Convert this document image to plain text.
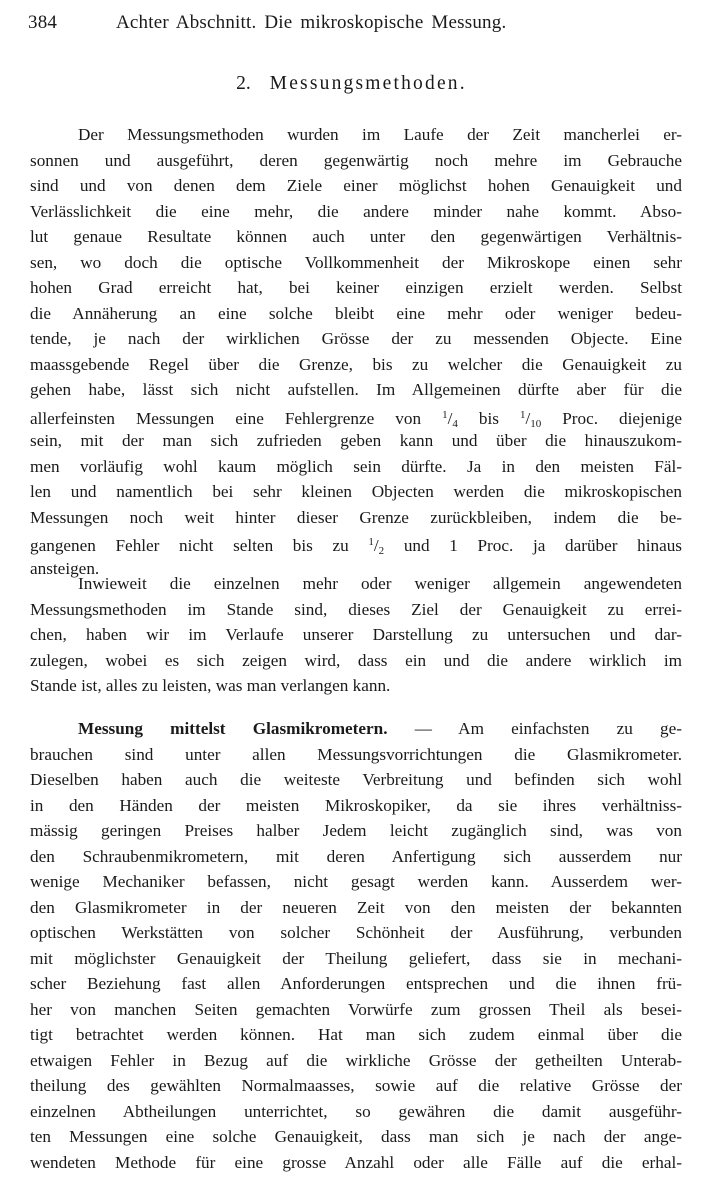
384	Achter Abschnitt. Die mikroskopische Messung.
2. Messungsmethoden.
Der Messungsmethoden wurden im Laufe der Zeit mancherlei er-
sonnen und ausgeführt, deren gegenwärtig noch mehre im Gebrauche
sind und von denen dem Ziele einer möglichst hohen Genauigkeit und
Verlässlichkeit die eine mehr, die andere minder nahe kommt. Abso-
lut genaue Resultate können auch unter den gegenwärtigen Verhältnis-
sen, wo doch die optische Vollkommenheit der Mikroskope einen sehr
hohen Grad erreicht hat, bei keiner einzigen erzielt werden. Selbst
die Annäherung an eine solche bleibt eine mehr oder weniger bedeu-
tende, je nach der wirklichen Grösse der zu messenden Objecte. Eine
maassgebende Regel über die Grenze, bis zu welcher die Genauigkeit zu
gehen habe, lässt sich nicht aufstellen. Im Allgemeinen dürfte aber für die
allerfeinsten Messungen eine Fehlergrenze von $^1/_4$ bis $^1/_{10}$ Proc. diejenige
sein, mit der man sich zufrieden geben kann und über die hinauszukom-
men vorläufig wohl kaum möglich sein dürfte. Ja in den meisten Fäl-
len und namentlich bei sehr kleinen Objecten werden die mikroskopischen
Messungen noch weit hinter dieser Grenze zurückbleiben, indem die be-
gangenen Fehler nicht selten bis zu $^1/_2$ und 1 Proc. ja darüber hinaus
ansteigen.
Inwieweit die einzelnen mehr oder weniger allgemein angewendeten
Messungsmethoden im Stande sind, dieses Ziel der Genauigkeit zu errei-
chen, haben wir im Verlaufe unserer Darstellung zu untersuchen und dar-
zulegen, wobei es sich zeigen wird, dass ein und die andere wirklich im
Stande ist, alles zu leisten, was man verlangen kann.
Messung mittelst Glasmikrometern. — Am einfachsten zu ge-
brauchen sind unter allen Messungsvorrichtungen die Glasmikrometer.
Dieselben haben auch die weiteste Verbreitung und befinden sich wohl
in den Händen der meisten Mikroskopiker, da sie ihres verhältniss-
mässig geringen Preises halber Jedem leicht zugänglich sind, was von
den Schraubenmikrometern, mit deren Anfertigung sich ausserdem nur
wenige Mechaniker befassen, nicht gesagt werden kann. Ausserdem wer-
den Glasmikrometer in der neueren Zeit von den meisten der bekannten
optischen Werkstätten von solcher Schönheit der Ausführung, verbunden
mit möglichster Genauigkeit der Theilung geliefert, dass sie in mechani-
scher Beziehung fast allen Anforderungen entsprechen und die ihnen frü-
her von manchen Seiten gemachten Vorwürfe zum grossen Theil als besei-
tigt betrachtet werden können. Hat man sich zudem einmal über die
etwaigen Fehler in Bezug auf die wirkliche Grösse der getheilten Unterab-
theilung des gewählten Normalmaasses, sowie auf die relative Grösse der
einzelnen Abtheilungen unterrichtet, so gewähren die damit ausgeführ-
ten Messungen eine solche Genauigkeit, dass man sich je nach der ange-
wendeten Methode für eine grosse Anzahl oder alle Fälle auf die erhal-
